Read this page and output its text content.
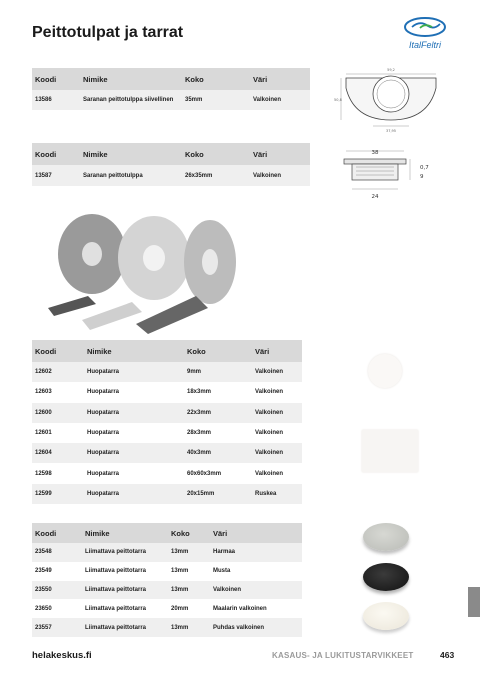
Peittotulpat ja tarrat
ItalFeltri
Koodi	Nimike	Koko	Väri
13586	Saranan peittotulppa siivellinen	35mm	Valkoinen
59,2
50,8
37,95
Koodi	Nimike	Koko	Väri
13587	Saranan peittotulppa	26x35mm	Valkoinen
38
0,7
9
24
Koodi	Nimike	Koko	Väri
12602	Huopatarra	9mm	Valkoinen
12603	Huopatarra	18x3mm	Valkoinen
12600	Huopatarra	22x3mm	Valkoinen
12601	Huopatarra	28x3mm	Valkoinen
12604	Huopatarra	40x3mm	Valkoinen
12598	Huopatarra	60x60x3mm	Valkoinen
12599	Huopatarra	20x15mm	Ruskea
Koodi	Nimike	Koko	Väri
23548	Liimattava peittotarra	13mm	Harmaa
23549	Liimattava peittotarra	13mm	Musta
23550	Liimattava peittotarra	13mm	Valkoinen
23650	Liimattava peittotarra	20mm	Maalarin valkoinen
23557	Liimattava peittotarra	13mm	Puhdas valkoinen
helakeskus.fi	KASAUS- JA LUKITUSTARVIKKEET	463
